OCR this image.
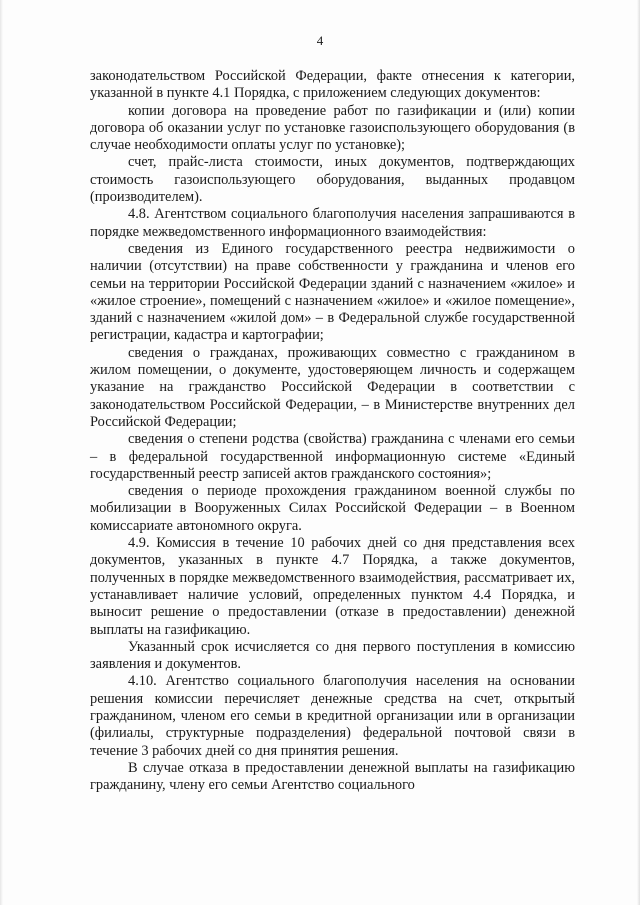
4

законодательством Российской Федерации, факте отнесения к категории, указанной в пункте 4.1 Порядка, с приложением следующих документов:

копии договора на проведение работ по газификации и (или) копии договора об оказании услуг по установке газоиспользующего оборудования (в случае необходимости оплаты услуг по установке);

счет, прайс-листа стоимости, иных документов, подтверждающих стоимость газоиспользующего оборудования, выданных продавцом (производителем).

4.8. Агентством социального благополучия населения запрашиваются в порядке межведомственного информационного взаимодействия:

сведения из Единого государственного реестра недвижимости о наличии (отсутствии) на праве собственности у гражданина и членов его семьи на территории Российской Федерации зданий с назначением «жилое» и «жилое строение», помещений с назначением «жилое» и «жилое помещение», зданий с назначением «жилой дом» – в Федеральной службе государственной регистрации, кадастра и картографии;

сведения о гражданах, проживающих совместно с гражданином в жилом помещении, о документе, удостоверяющем личность и содержащем указание на гражданство Российской Федерации в соответствии с законодательством Российской Федерации, – в Министерстве внутренних дел Российской Федерации;

сведения о степени родства (свойства) гражданина с членами его семьи – в федеральной государственной информационную системе «Единый государственный реестр записей актов гражданского состояния»;

сведения о периоде прохождения гражданином военной службы по мобилизации в Вооруженных Силах Российской Федерации – в Военном комиссариате автономного округа.

4.9. Комиссия в течение 10 рабочих дней со дня представления всех документов, указанных в пункте 4.7 Порядка, а также документов, полученных в порядке межведомственного взаимодействия, рассматривает их, устанавливает наличие условий, определенных пунктом 4.4 Порядка, и выносит решение о предоставлении (отказе в предоставлении) денежной выплаты на газификацию.

Указанный срок исчисляется со дня первого поступления в комиссию заявления и документов.

4.10. Агентство социального благополучия населения на основании решения комиссии перечисляет денежные средства на счет, открытый гражданином, членом его семьи в кредитной организации или в организации (филиалы, структурные подразделения) федеральной почтовой связи в течение 3 рабочих дней со дня принятия решения.

В случае отказа в предоставлении денежной выплаты на газификацию гражданину, члену его семьи Агентство социального
